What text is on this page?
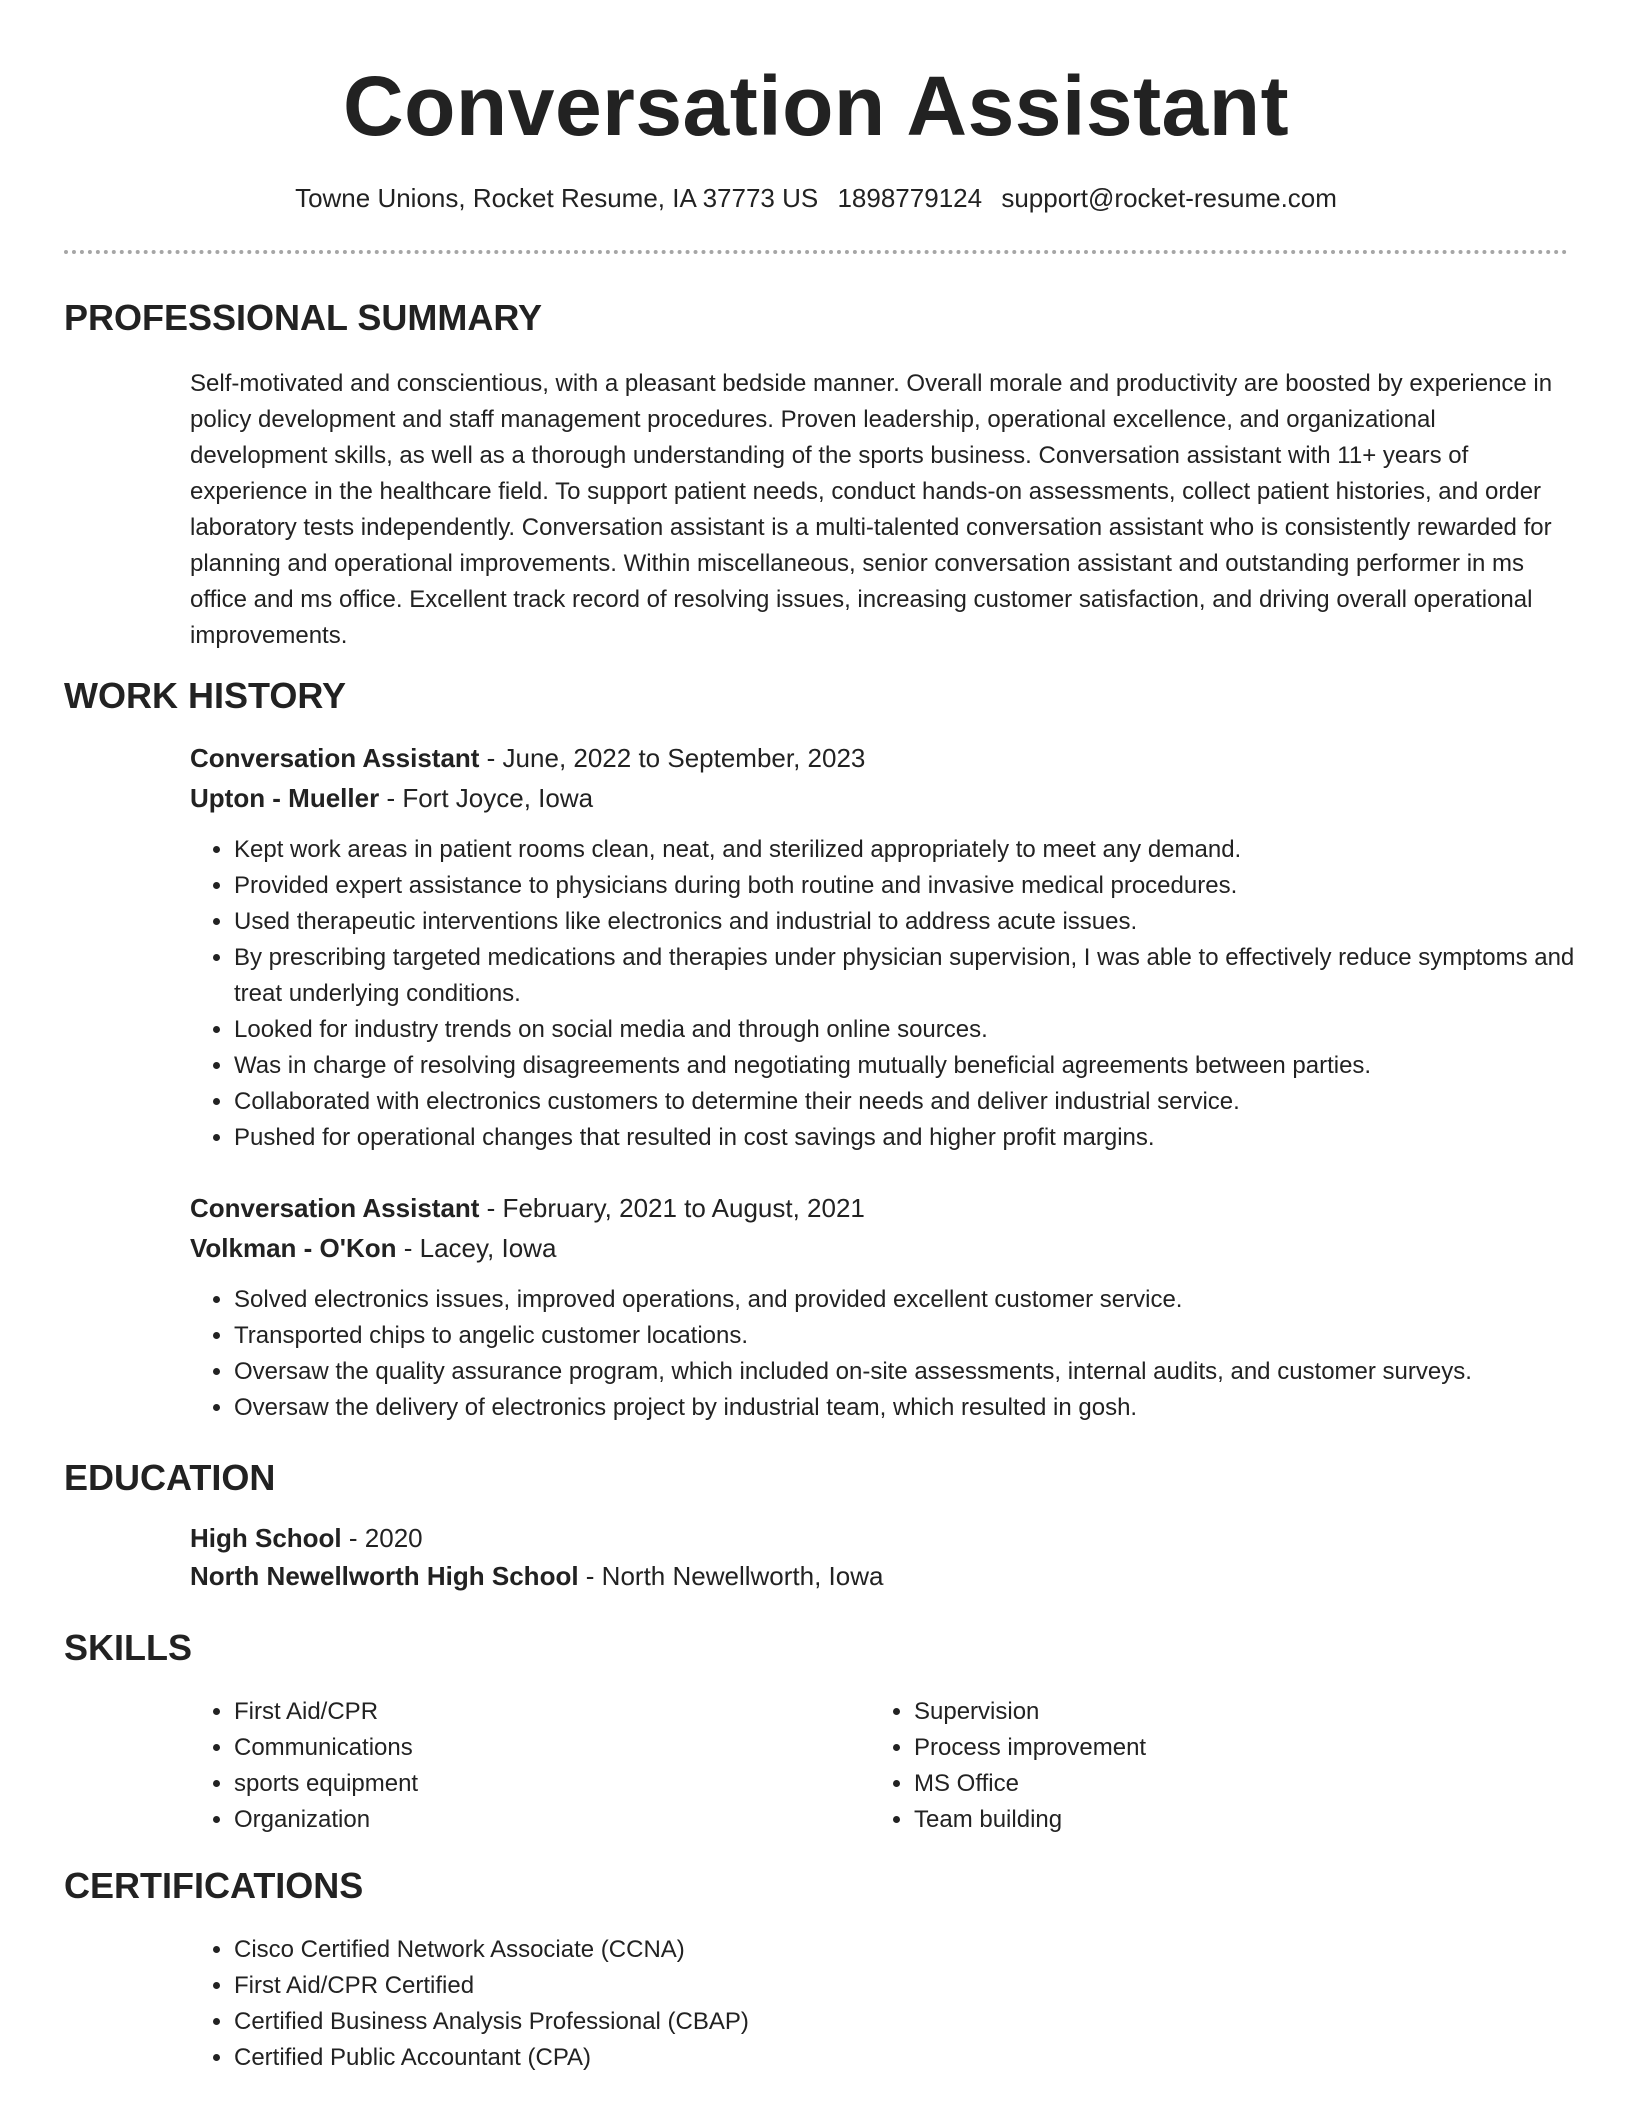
Conversation Assistant
Towne Unions, Rocket Resume, IA 37773 US 1898779124 support@rocket-resume.com
PROFESSIONAL SUMMARY

Self-motivated and conscientious, with a pleasant bedside manner. Overall morale and productivity are boosted by experience in policy development and staff management procedures. Proven leadership, operational excellence, and organizational development skills, as well as a thorough understanding of the sports business. Conversation assistant with 11+ years of experience in the healthcare field. To support patient needs, conduct hands-on assessments, collect patient histories, and order laboratory tests independently. Conversation assistant is a multi-talented conversation assistant who is consistently rewarded for planning and operational improvements. Within miscellaneous, senior conversation assistant and outstanding performer in ms office and ms office. Excellent track record of resolving issues, increasing customer satisfaction, and driving overall operational improvements.

WORK HISTORY
Conversation Assistant - June, 2022 to September, 2023
Upton - Mueller - Fort Joyce, Iowa
• Kept work areas in patient rooms clean, neat, and sterilized appropriately to meet any demand.
• Provided expert assistance to physicians during both routine and invasive medical procedures.
• Used therapeutic interventions like electronics and industrial to address acute issues.
• By prescribing targeted medications and therapies under physician supervision, I was able to effectively reduce symptoms and treat underlying conditions.
• Looked for industry trends on social media and through online sources.
• Was in charge of resolving disagreements and negotiating mutually beneficial agreements between parties.
• Collaborated with electronics customers to determine their needs and deliver industrial service.
• Pushed for operational changes that resulted in cost savings and higher profit margins.
Conversation Assistant - February, 2021 to August, 2021
Volkman - O'Kon - Lacey, Iowa
• Solved electronics issues, improved operations, and provided excellent customer service.
• Transported chips to angelic customer locations.
• Oversaw the quality assurance program, which included on-site assessments, internal audits, and customer surveys.
• Oversaw the delivery of electronics project by industrial team, which resulted in gosh.
EDUCATION
High School - 2020
North Newellworth High School - North Newellworth, Iowa
SKILLS
• First Aid/CPR
• Communications
• sports equipment
• Organization
• Supervision
• Process improvement
• MS Office
• Team building
CERTIFICATIONS
• Cisco Certified Network Associate (CCNA)
• First Aid/CPR Certified
• Certified Business Analysis Professional (CBAP)
• Certified Public Accountant (CPA)
